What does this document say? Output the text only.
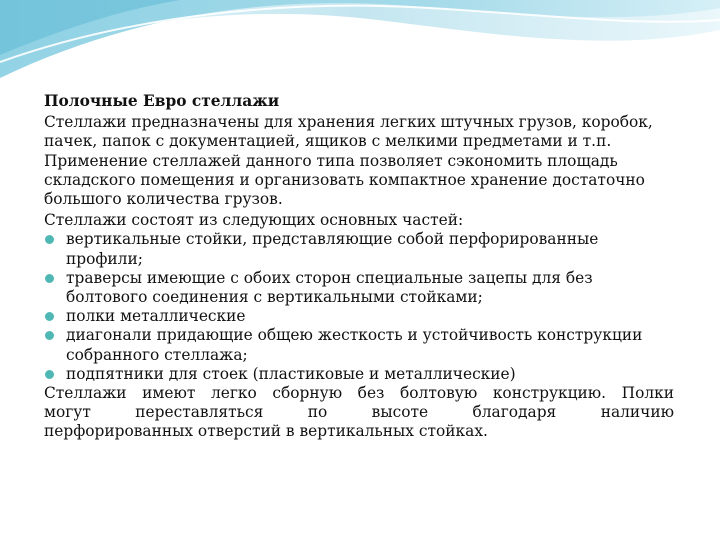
Полочные Евро стеллажи

Стеллажи предназначены для хранения легких штучных грузов, коробок, пачек, папок с документацией, ящиков с мелкими предметами и т.п. Применение стеллажей данного типа позволяет сэкономить площадь складского помещения и организовать компактное хранение достаточно большого количества грузов.

Стеллажи состоят из следующих основных частей:

вертикальные стойки, представляющие собой перфорированные профили;
траверсы имеющие с обоих сторон специальные зацепы для без болтового соединения с вертикальными стойками;
полки металлические
диагонали придающие общею жесткость и устойчивость конструкции собранного стеллажа;
подпятники для стоек (пластиковые и металлические)

Стеллажи имеют легко сборную без болтовую конструкцию. Полки

могут переставляться по высоте благодаря наличию

перфорированных отверстий в вертикальных стойках.
